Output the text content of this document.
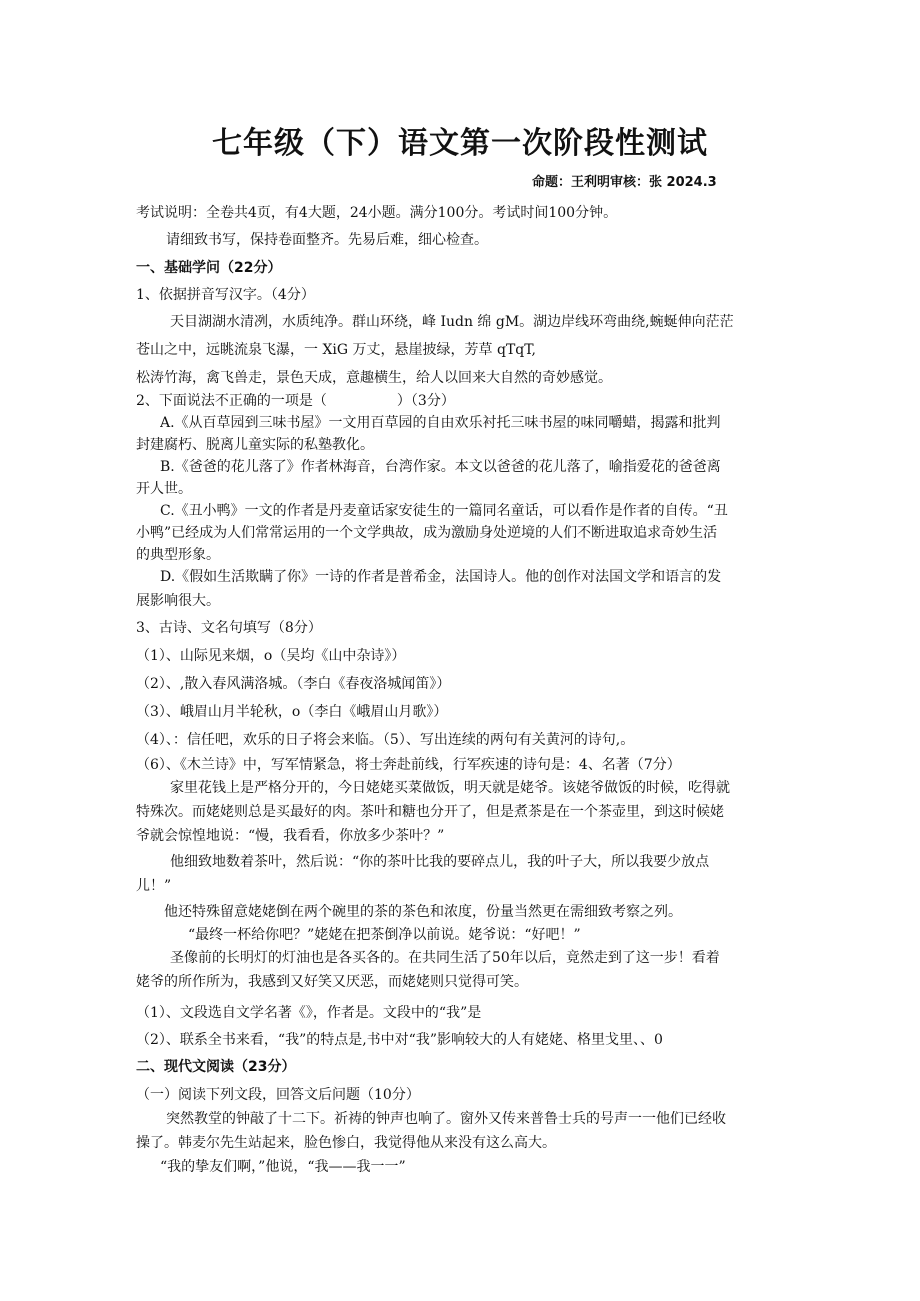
七年级（下）语文第一次阶段性测试
命题：王利明审核：张 2024.3
考试说明：全卷共4页，有4大题，24小题。满分100分。考试时间100分钟。
请细致书写，保持卷面整齐。先易后难，细心检查。
一、基础学问（22分）
1、依据拼音写汉字。（4分）
天目湖湖水清冽，水质纯净。群山环绕，峰 Iudn 绵 gM。湖边岸线环弯曲绕,蜿蜒伸向茫茫
苍山之中，远眺流泉飞瀑，一 XiG 万丈，悬崖披绿，芳草 qTqT,
松涛竹海，禽飞兽走，景色天成，意趣横生，给人以回来大自然的奇妙感觉。
2、下面说法不正确的一项是（　　　　　）（3分）
A.《从百草园到三味书屋》一文用百草园的自由欢乐衬托三味书屋的味同嚼蜡，揭露和批判
封建腐朽、脱离儿童实际的私塾教化。
B.《爸爸的花儿落了》作者林海音，台湾作家。本文以爸爸的花儿落了，喻指爱花的爸爸离
开人世。
C.《丑小鸭》一文的作者是丹麦童话家安徒生的一篇同名童话，可以看作是作者的自传。“丑
小鸭”已经成为人们常常运用的一个文学典故，成为激励身处逆境的人们不断进取追求奇妙生活
的典型形象。
D.《假如生活欺瞒了你》一诗的作者是普希金，法国诗人。他的创作对法国文学和语言的发
展影响很大。
3、古诗、文名句填写（8分）
（1）、山际见来烟，o（吴均《山中杂诗》）
（2）、,散入春风满洛城。（李白《春夜洛城闻笛》）
（3）、峨眉山月半轮秋，o（李白《峨眉山月歌》）
（4）、：信任吧，欢乐的日子将会来临。（5）、写出连续的两句有关黄河的诗句,。
（6）、《木兰诗》中，写军情紧急，将士奔赴前线，行军疾速的诗句是：4、名著（7分）
家里花钱上是严格分开的，今日姥姥买菜做饭，明天就是姥爷。该姥爷做饭的时候，吃得就
特殊次。而姥姥则总是买最好的肉。茶叶和糖也分开了，但是煮茶是在一个茶壶里，到这时候姥
爷就会惊惶地说：“慢，我看看，你放多少茶叶？”
他细致地数着茶叶，然后说：“你的茶叶比我的要碎点儿，我的叶子大，所以我要少放点
儿！”
他还特殊留意姥姥倒在两个碗里的茶的茶色和浓度，份量当然更在需细致考察之列。
“最终一杯给你吧？”姥姥在把茶倒净以前说。姥爷说：“好吧！”
圣像前的长明灯的灯油也是各买各的。在共同生活了50年以后，竟然走到了这一步！看着
姥爷的所作所为，我感到又好笑又厌恶，而姥姥则只觉得可笑。
（1）、文段选自文学名著《》，作者是。文段中的“我”是
（2）、联系全书来看，“我”的特点是,书中对“我”影响较大的人有姥姥、格里戈里、、0
二、现代文阅读（23分）
（一）阅读下列文段，回答文后问题（10分）
突然教堂的钟敲了十二下。祈祷的钟声也响了。窗外又传来普鲁士兵的号声一一他们已经收
操了。韩麦尔先生站起来，脸色惨白，我觉得他从来没有这么高大。
“我的挚友们啊，”他说，“我——我一一”
